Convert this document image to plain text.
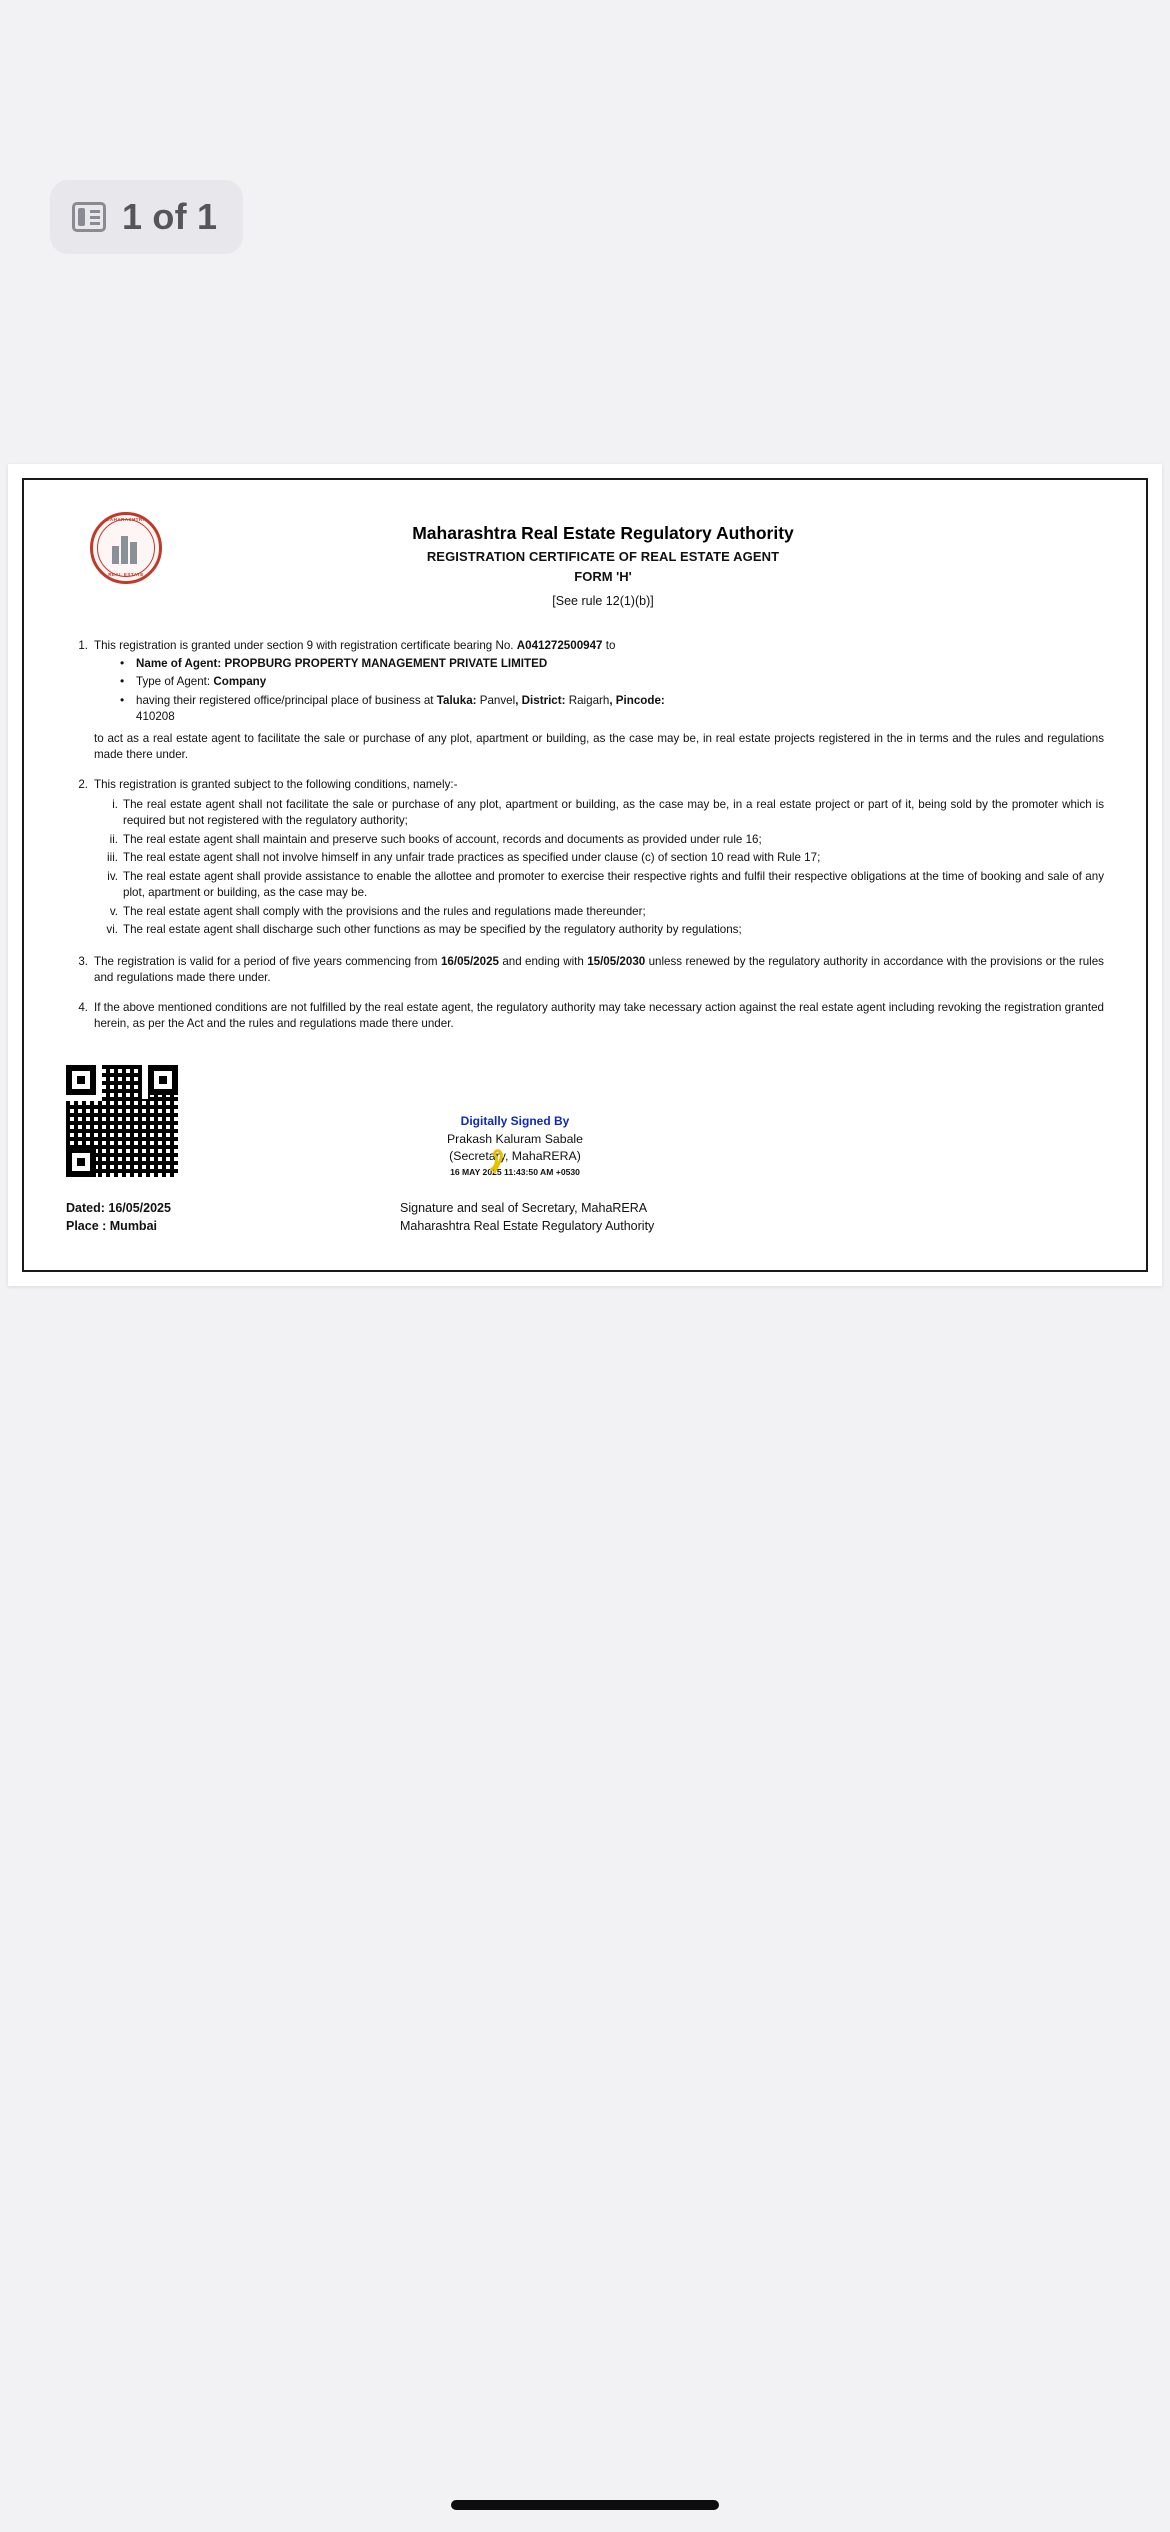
1 of 1
MAHARASHTRA
REAL ESTATE
Maharashtra Real Estate Regulatory Authority
REGISTRATION CERTIFICATE OF REAL ESTATE AGENT
FORM 'H'
[See rule 12(1)(b)]
1. This registration is granted under section 9 with registration certificate bearing No. A041272500947 to
• Name of Agent: PROPBURG PROPERTY MANAGEMENT PRIVATE LIMITED
• Type of Agent: Company
• having their registered office/principal place of business at Taluka: Panvel, District: Raigarh, Pincode:
410208

to act as a real estate agent to facilitate the sale or purchase of any plot, apartment or building, as the case may be, in real estate projects registered in the in terms and the rules and regulations made there under.

2. This registration is granted subject to the following conditions, namely:-
i. The real estate agent shall not facilitate the sale or purchase of any plot, apartment or building, as the case may be, in a real estate project or part of it, being sold by the promoter which is required but not registered with the regulatory authority;
ii. The real estate agent shall maintain and preserve such books of account, records and documents as provided under rule 16;
iii. The real estate agent shall not involve himself in any unfair trade practices as specified under clause (c) of section 10 read with Rule 17;
iv. The real estate agent shall provide assistance to enable the allottee and promoter to exercise their respective rights and fulfil their respective obligations at the time of booking and sale of any plot, apartment or building, as the case may be.
v. The real estate agent shall comply with the provisions and the rules and regulations made thereunder;
vi. The real estate agent shall discharge such other functions as may be specified by the regulatory authority by regulations;
3. The registration is valid for a period of five years commencing from 16/05/2025 and ending with 15/05/2030 unless renewed by the regulatory authority in accordance with the provisions or the rules and regulations made there under.
4. If the above mentioned conditions are not fulfilled by the real estate agent, the regulatory authority may take necessary action against the real estate agent including revoking the registration granted herein, as per the Act and the rules and regulations made there under.
Dated: 16/05/2025
Place : Mumbai
Digitally Signed By
Prakash Kaluram Sabale
(Secretary, MahaRERA)
16 MAY 2025 11:43:50 AM +0530
Signature and seal of Secretary, MahaRERA
Maharashtra Real Estate Regulatory Authority
